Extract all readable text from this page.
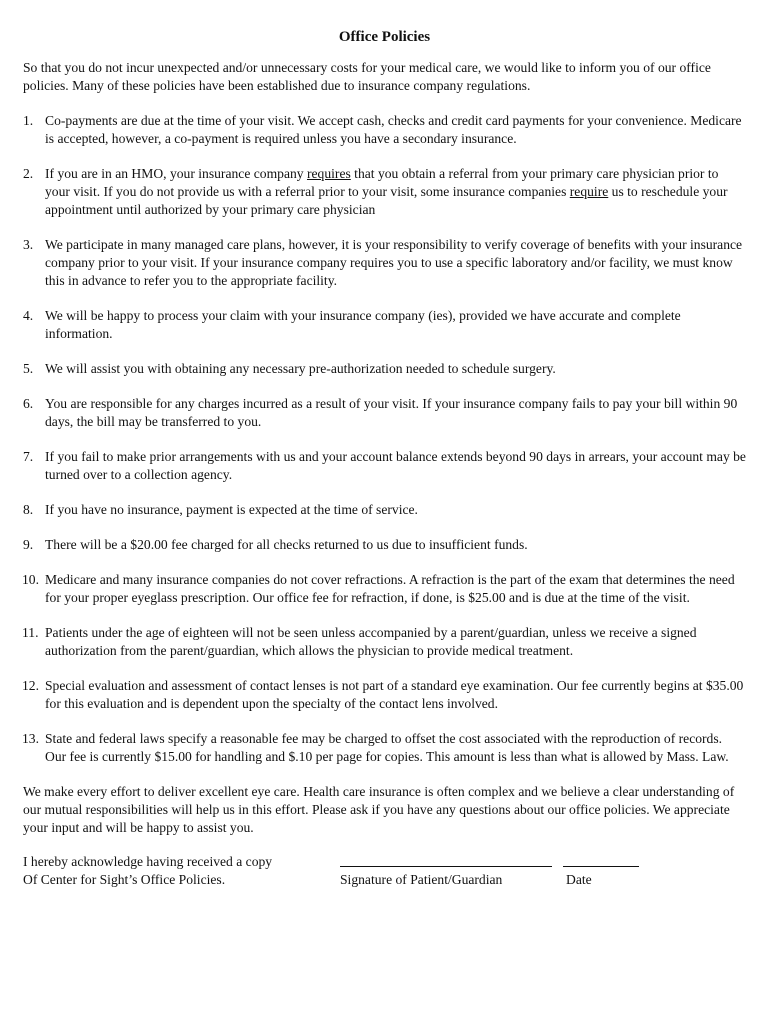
Office Policies

So that you do not incur unexpected and/or unnecessary costs for your medical care, we would like to inform you of our office policies. Many of these policies have been established due to insurance company regulations.

1. Co-payments are due at the time of your visit. We accept cash, checks and credit card payments for your convenience. Medicare is accepted, however, a co-payment is required unless you have a secondary insurance.
2. If you are in an HMO, your insurance company requires that you obtain a referral from your primary care physician prior to your visit. If you do not provide us with a referral prior to your visit, some insurance companies require us to reschedule your appointment until authorized by your primary care physician
3. We participate in many managed care plans, however, it is your responsibility to verify coverage of benefits with your insurance company prior to your visit. If your insurance company requires you to use a specific laboratory and/or facility, we must know this in advance to refer you to the appropriate facility.
4. We will be happy to process your claim with your insurance company (ies), provided we have accurate and complete information.
5. We will assist you with obtaining any necessary pre-authorization needed to schedule surgery.
6. You are responsible for any charges incurred as a result of your visit. If your insurance company fails to pay your bill within 90 days, the bill may be transferred to you.
7. If you fail to make prior arrangements with us and your account balance extends beyond 90 days in arrears, your account may be turned over to a collection agency.
8. If you have no insurance, payment is expected at the time of service.
9. There will be a $20.00 fee charged for all checks returned to us due to insufficient funds.
10. Medicare and many insurance companies do not cover refractions. A refraction is the part of the exam that determines the need for your proper eyeglass prescription. Our office fee for refraction, if done, is $25.00 and is due at the time of the visit.
11. Patients under the age of eighteen will not be seen unless accompanied by a parent/guardian, unless we receive a signed authorization from the parent/guardian, which allows the physician to provide medical treatment.
12. Special evaluation and assessment of contact lenses is not part of a standard eye examination. Our fee currently begins at $35.00 for this evaluation and is dependent upon the specialty of the contact lens involved.
13. State and federal laws specify a reasonable fee may be charged to offset the cost associated with the reproduction of records. Our fee is currently $15.00 for handling and $.10 per page for copies. This amount is less than what is allowed by Mass. Law.

We make every effort to deliver excellent eye care. Health care insurance is often complex and we believe a clear understanding of our mutual responsibilities will help us in this effort. Please ask if you have any questions about our office policies. We appreciate your input and will be happy to assist you.

I hereby acknowledge having received a copy
Of Center for Sight’s Office Policies.	Signature of Patient/Guardian	Date
